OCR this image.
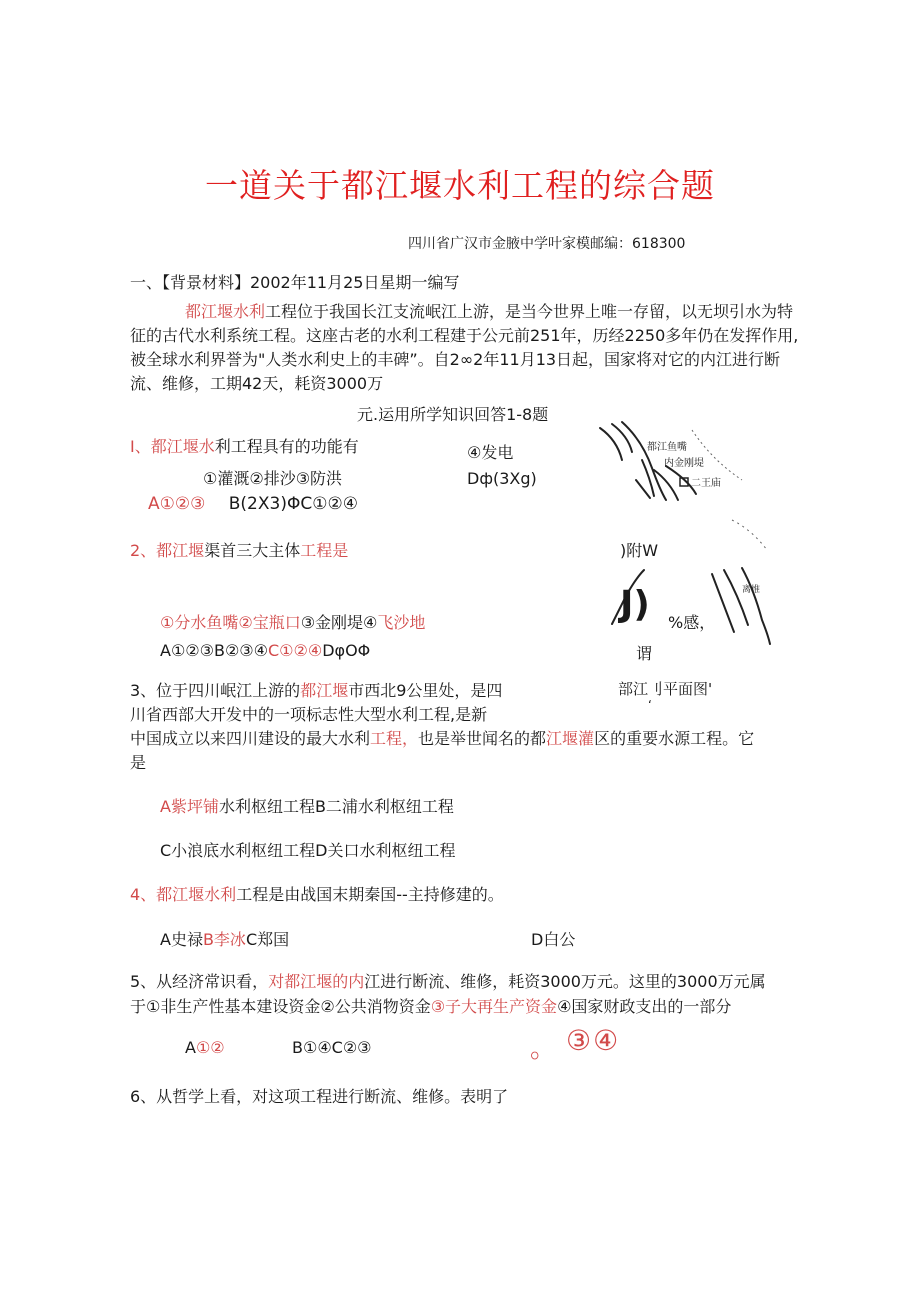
一道关于都江堰水利工程的综合题
四川省广汉市金腋中学叶家模邮编：618300
一、【背景材料】2002年11月25日星期一编写
都江堰水利工程位于我国长江支流岷江上游，是当今世界上唯一存留，以无坝引水为特征的古代水利系统工程。这座古老的水利工程建于公元前251年，历经2250多年仍在发挥作用,被全球水利界誉为"人类水利史上的丰碑”。自2∞2年11月13日起，国家将对它的内江进行断流、维修，工期42天，耗资3000万
元.运用所学知识回答1-8题
I、都江堰水利工程具有的功能有	④发电
①灌溉②排沙③防洪	Dф(3Xg)
A①②③ B(2X3)ΦC①②④
2、都江堰渠首三大主体工程是	)附W
①分水鱼嘴②宝瓶口③金刚堤④飞沙地
A①②③B②③④C①②④DφOΦ
都江鱼嘴
内金刚堤
二王庙
离堆
J) %感，
谓
部江刂平面图'
‘
3、位于四川岷江上游的都江堰市西北9公里处，是四
川省西部大开发中的一项标志性大型水利工程,是新
中国成立以来四川建设的最大水利工程，也是举世闻名的都江堰灌区的重要水源工程。它
是
A紫坪铺水利枢纽工程B二浦水利枢纽工程
C小浪底水利枢纽工程D关口水利枢纽工程
4、都江堰水利工程是由战国末期秦国--主持修建的。
A史禄B李冰C郑国	D白公
5、从经济常识看，对都江堰的内江进行断流、维修，耗资3000万元。这里的3000万元属
于①非生产性基本建设资金②公共消物资金③子大再生产资金④国家财政支出的一部分
A①②	B①④C②③	。 ③④
6、从哲学上看，对这项工程进行断流、维修。表明了
